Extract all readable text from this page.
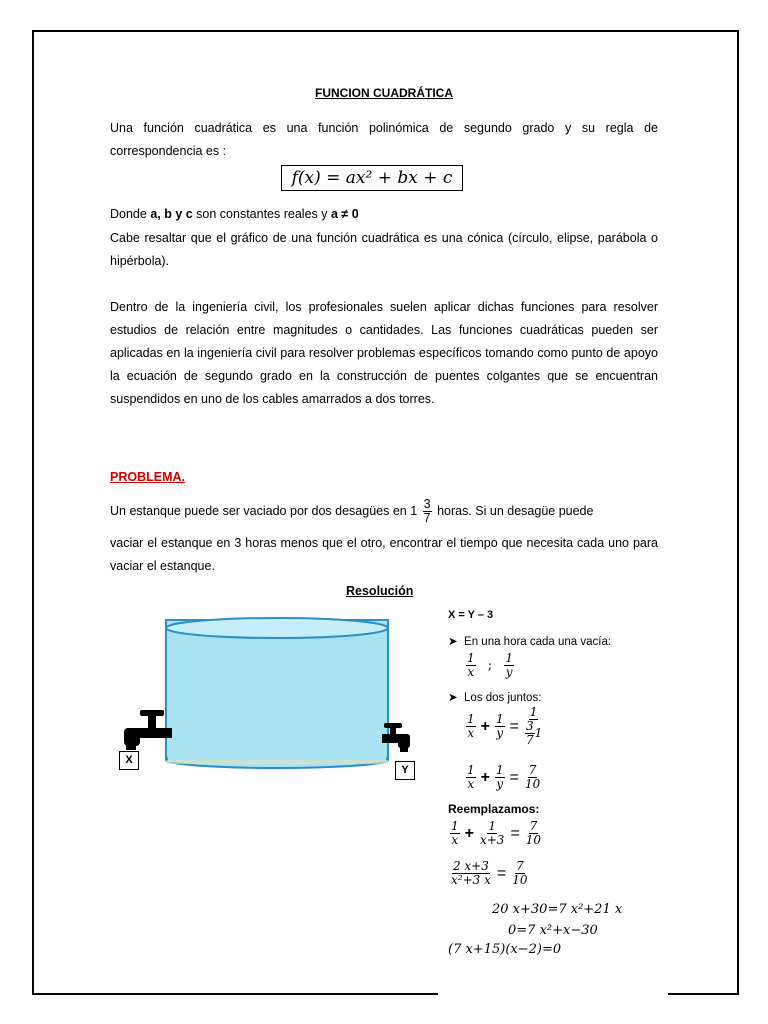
FUNCION CUADRÁTICA
Una función cuadrática es una función polinómica de segundo grado y su regla de correspondencia es :
f(x) = ax² + bx + c
Donde a, b y c son constantes reales y a ≠ 0
Cabe resaltar que el gráfico de una función cuadrática es una cónica (círculo, elipse, parábola o hipérbola).
Dentro de la ingeniería civil, los profesionales suelen aplicar dichas funciones para resolver estudios de relación entre magnitudes o cantidades. Las funciones cuadráticas pueden ser aplicadas en la ingeniería civil para resolver problemas específicos tomando como punto de apoyo la ecuación de segundo grado en la construcción de puentes colgantes que se encuentran suspendidos en uno de los cables amarrados a dos torres.
PROBLEMA.
Un estanque puede ser vaciado por dos desagües en $1 \frac{3}{7}$ horas. Si un desagüe puede
vaciar el estanque en 3 horas menos que el otro, encontrar el tiempo que necesita cada uno para vaciar el estanque.
Resolución
X
Y
X = Y – 3
➤  En una hora cada una vacía:
$\frac{1}{x}$ ; $\frac{1}{y}$
➤  Los dos juntos:
$\frac{1}{x} + \frac{1}{y} = \frac{1}{\frac{3}{7} 1}$
$\frac{1}{x} + \frac{1}{y} = \frac{7}{10}$
Reemplazamos:
$\frac{1}{x} + \frac{1}{x+3} = \frac{7}{10}$
$\frac{2 x+3}{\text{x²+3 x}} = \frac{7}{10}$
20 x+30=7 x²+21 x
0=7 x²+x−30
(7 x+15)(x−2)=0
